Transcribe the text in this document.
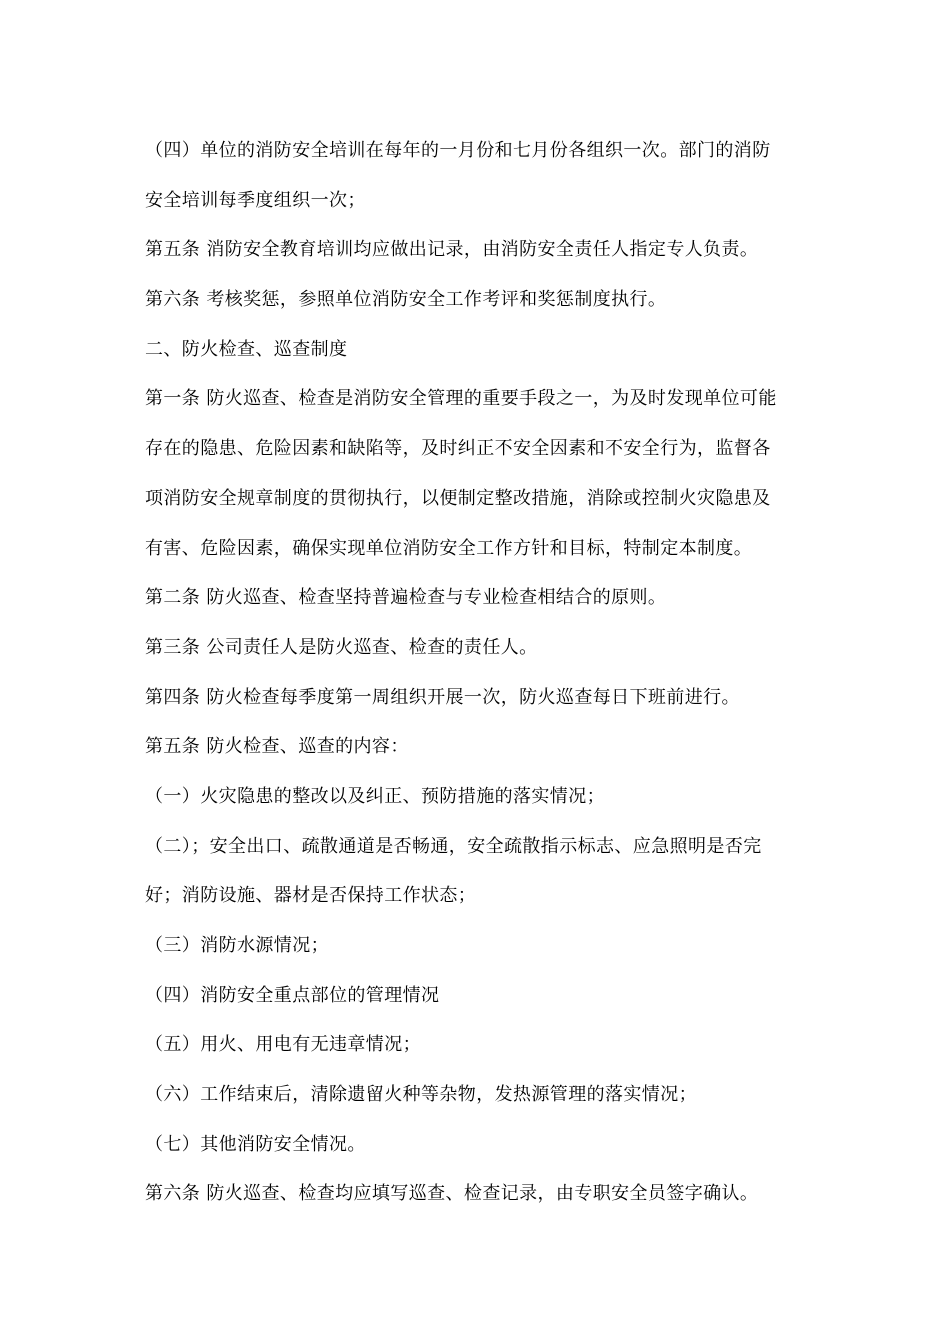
（四）单位的消防安全培训在每年的一月份和七月份各组织一次。部门的消防
安全培训每季度组织一次；
第五条 消防安全教育培训均应做出记录，由消防安全责任人指定专人负责。
第六条 考核奖惩，参照单位消防安全工作考评和奖惩制度执行。
二、防火检查、巡查制度
第一条 防火巡查、检查是消防安全管理的重要手段之一，为及时发现单位可能
存在的隐患、危险因素和缺陷等，及时纠正不安全因素和不安全行为，监督各
项消防安全规章制度的贯彻执行，以便制定整改措施，消除或控制火灾隐患及
有害、危险因素，确保实现单位消防安全工作方针和目标，特制定本制度。
第二条 防火巡查、检查坚持普遍检查与专业检查相结合的原则。
第三条 公司责任人是防火巡查、检查的责任人。
第四条 防火检查每季度第一周组织开展一次，防火巡查每日下班前进行。
第五条 防火检查、巡查的内容：
（一）火灾隐患的整改以及纠正、预防措施的落实情况；
（二）；安全出口、疏散通道是否畅通，安全疏散指示标志、应急照明是否完
好；消防设施、器材是否保持工作状态；
（三）消防水源情况；
（四）消防安全重点部位的管理情况
（五）用火、用电有无违章情况；
（六）工作结束后，清除遗留火种等杂物，发热源管理的落实情况；
（七）其他消防安全情况。
第六条 防火巡查、检查均应填写巡查、检查记录，由专职安全员签字确认。
